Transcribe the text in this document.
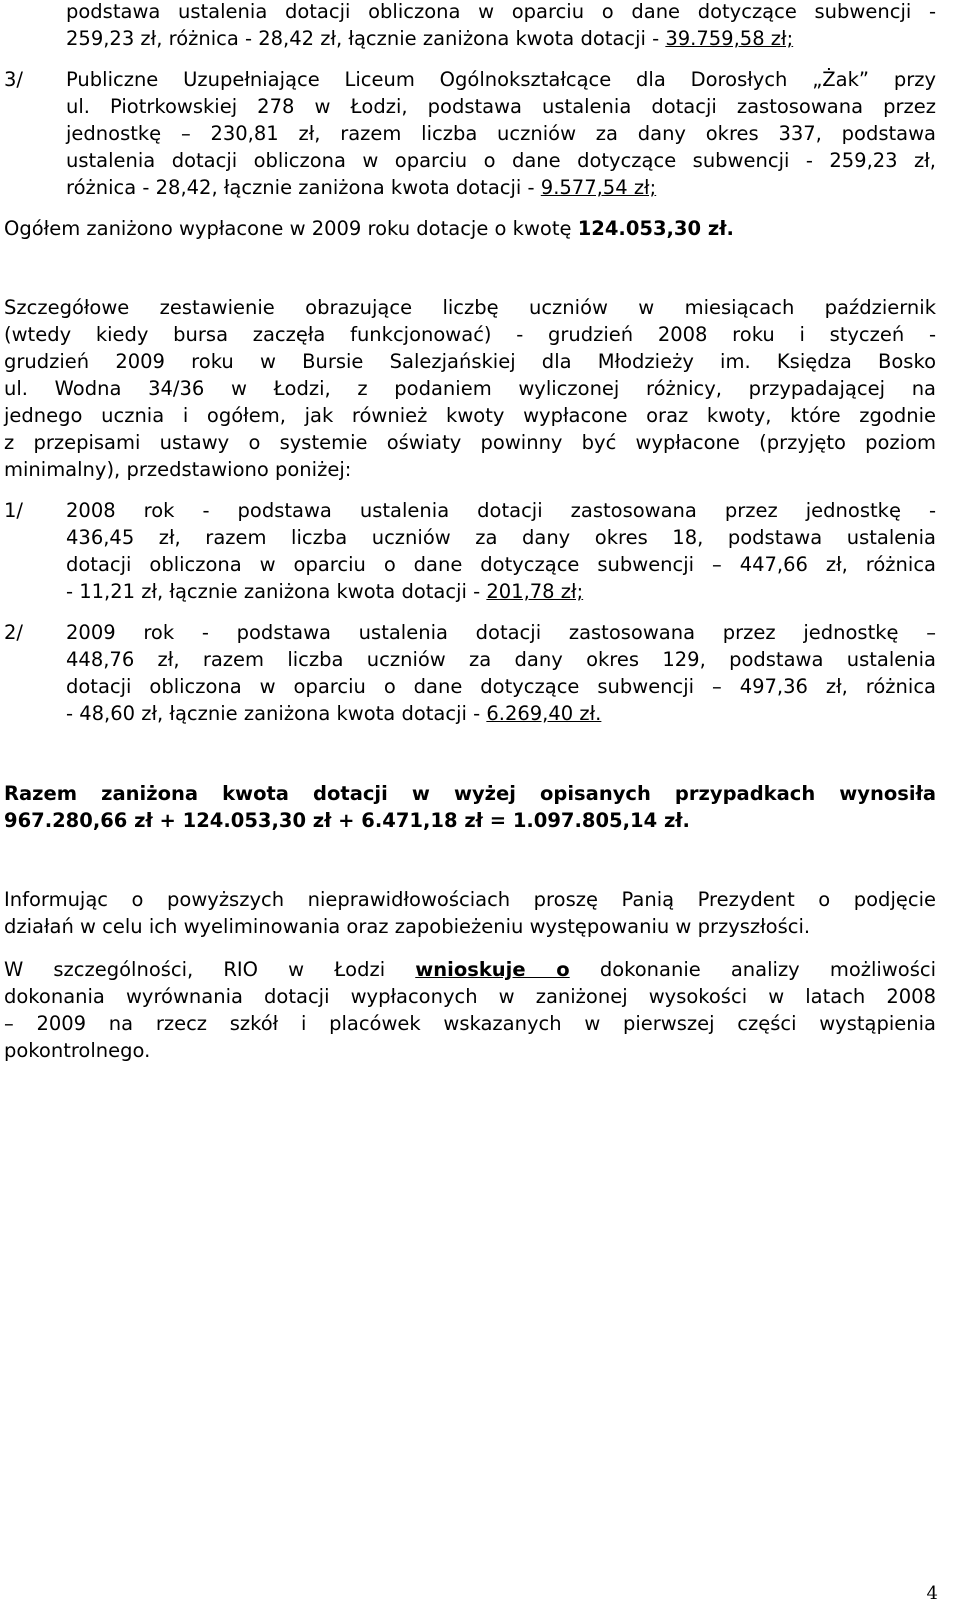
podstawa ustalenia dotacji obliczona w oparciu o dane dotyczące subwencji -
259,23 zł, różnica - 28,42 zł, łącznie zaniżona kwota dotacji - 39.759,58 zł;
3/ Publiczne Uzupełniające Liceum Ogólnokształcące dla Dorosłych „Żak” przy
ul. Piotrkowskiej 278 w Łodzi, podstawa ustalenia dotacji zastosowana przez
jednostkę – 230,81 zł, razem liczba uczniów za dany okres 337, podstawa
ustalenia dotacji obliczona w oparciu o dane dotyczące subwencji - 259,23 zł,
różnica - 28,42, łącznie zaniżona kwota dotacji - 9.577,54 zł;
Ogółem zaniżono wypłacone w 2009 roku dotacje o kwotę 124.053,30 zł.
Szczegółowe zestawienie obrazujące liczbę uczniów w miesiącach październik
(wtedy kiedy bursa zaczęła funkcjonować) - grudzień 2008 roku i styczeń -
grudzień 2009 roku w Bursie Salezjańskiej dla Młodzieży im. Księdza Bosko
ul. Wodna 34/36 w Łodzi, z podaniem wyliczonej różnicy, przypadającej na
jednego ucznia i ogółem, jak również kwoty wypłacone oraz kwoty, które zgodnie
z przepisami ustawy o systemie oświaty powinny być wypłacone (przyjęto poziom
minimalny), przedstawiono poniżej:
1/ 2008 rok - podstawa ustalenia dotacji zastosowana przez jednostkę -
436,45 zł, razem liczba uczniów za dany okres 18, podstawa ustalenia
dotacji obliczona w oparciu o dane dotyczące subwencji – 447,66 zł, różnica
- 11,21 zł, łącznie zaniżona kwota dotacji - 201,78 zł;
2/ 2009 rok - podstawa ustalenia dotacji zastosowana przez jednostkę –
448,76 zł, razem liczba uczniów za dany okres 129, podstawa ustalenia
dotacji obliczona w oparciu o dane dotyczące subwencji – 497,36 zł, różnica
- 48,60 zł, łącznie zaniżona kwota dotacji - 6.269,40 zł.
Razem zaniżona kwota dotacji w wyżej opisanych przypadkach wynosiła
967.280,66 zł + 124.053,30 zł + 6.471,18 zł = 1.097.805,14 zł.
Informując o powyższych nieprawidłowościach proszę Panią Prezydent o podjęcie
działań w celu ich wyeliminowania oraz zapobieżeniu występowaniu w przyszłości.
W szczególności, RIO w Łodzi wnioskuje o dokonanie analizy możliwości
dokonania wyrównania dotacji wypłaconych w zaniżonej wysokości w latach 2008
– 2009 na rzecz szkół i placówek wskazanych w pierwszej części wystąpienia
pokontrolnego.
4
